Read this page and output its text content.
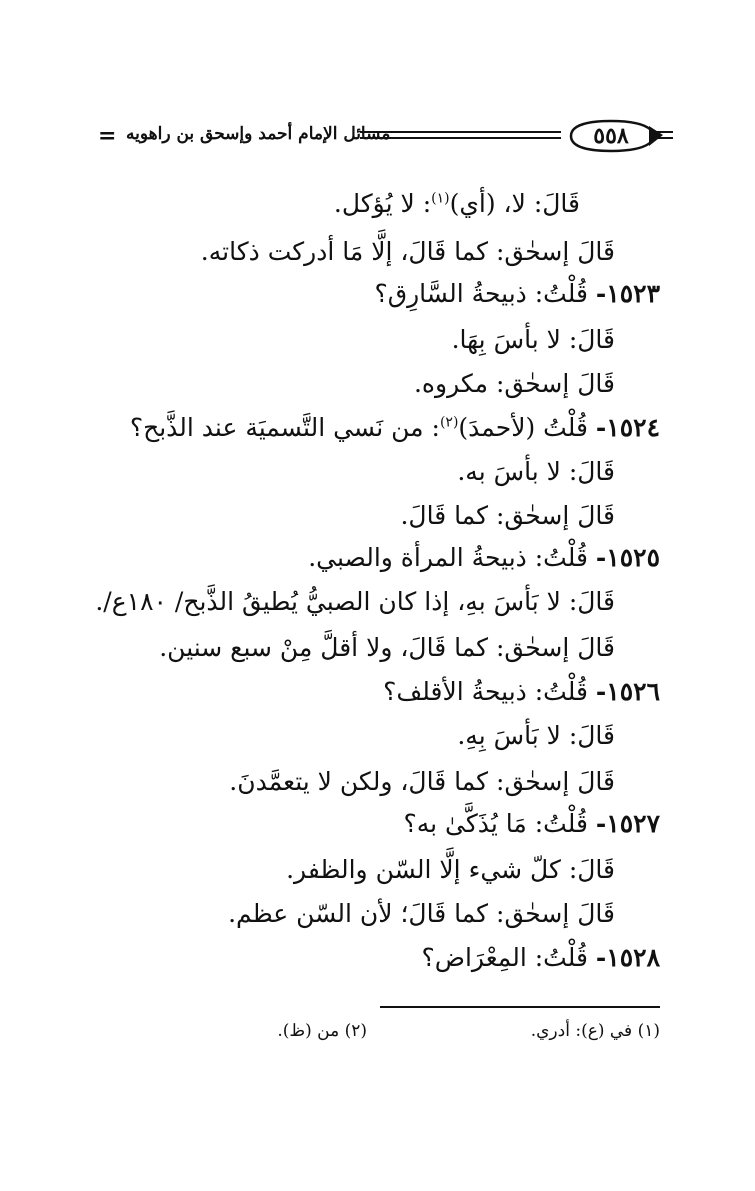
= مسائل الإمام أحمد وإسحق بن راهويه	٥٥٨
قَالَ: لا، (أي)$^{(١)}$: لا يُؤكل.
قَالَ إسحٰق: كما قَالَ، إلَّا مَا أدركت ذكاته.
١٥٢٣- قُلْتُ: ذبيحةُ السَّارِق؟
قَالَ: لا بأسَ بِهَا.
قَالَ إسحٰق: مكروه.
١٥٢٤- قُلْتُ (لأحمدَ)$^{(٢)}$: من نَسي التَّسميَة عند الذَّبح؟
قَالَ: لا بأسَ به.
قَالَ إسحٰق: كما قَالَ.
١٥٢٥- قُلْتُ: ذبيحةُ المرأة والصبي.
قَالَ: لا بَأسَ بهِ، إذا كان الصبيُّ يُطيقُ الذَّبح/ ١٨٠ع/.
قَالَ إسحٰق: كما قَالَ، ولا أقلَّ مِنْ سبع سنين.
١٥٢٦- قُلْتُ: ذبيحةُ الأقلف؟
قَالَ: لا بَأسَ بِهِ.
قَالَ إسحٰق: كما قَالَ، ولكن لا يتعمَّدنَ.
١٥٢٧- قُلْتُ: مَا يُذَكَّىٰ به؟
قَالَ: كلّ شيء إلَّا السّن والظفر.
قَالَ إسحٰق: كما قَالَ؛ لأن السّن عظم.
١٥٢٨- قُلْتُ: المِعْرَاض؟
(١) في (ع): أدري.
(٢) من (ظ).
